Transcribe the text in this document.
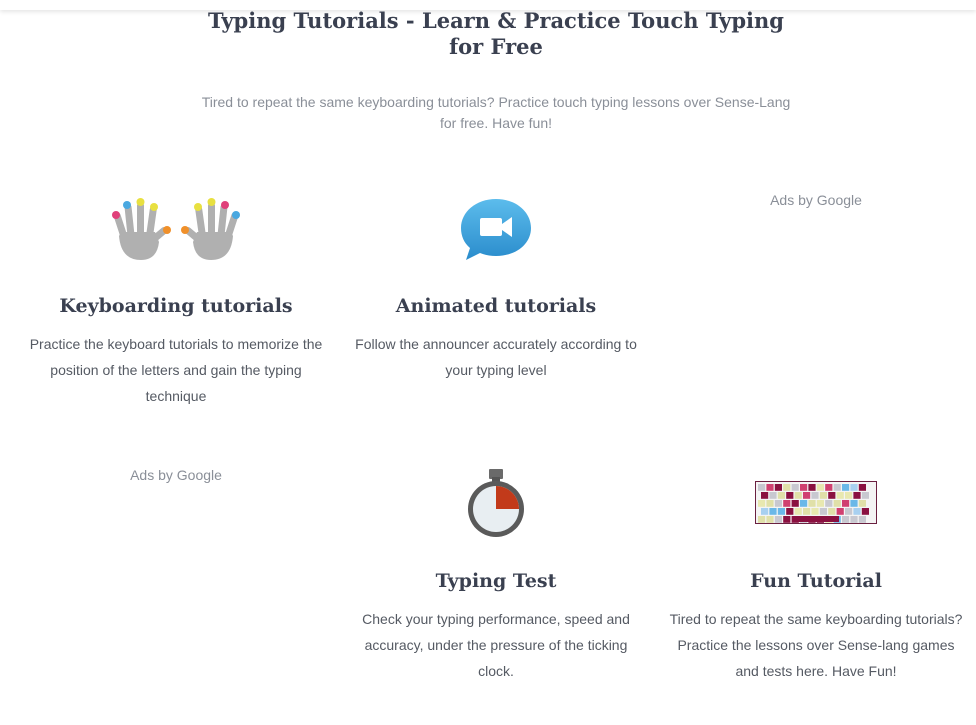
Typing Tutorials - Learn & Practice Touch Typing for Free

Tired to repeat the same keyboarding tutorials? Practice touch typing lessons over Sense-Lang for free. Have fun!

Keyboarding tutorials

Practice the keyboard tutorials to memorize the position of the letters and gain the typing technique

Animated tutorials

Follow the announcer accurately according to your typing level

Ads by Google
Ads by Google
Typing Test

Check your typing performance, speed and accuracy, under the pressure of the ticking clock.

Fun Tutorial

Tired to repeat the same keyboarding tutorials?
Practice the lessons over Sense-lang games and tests here. Have Fun!
